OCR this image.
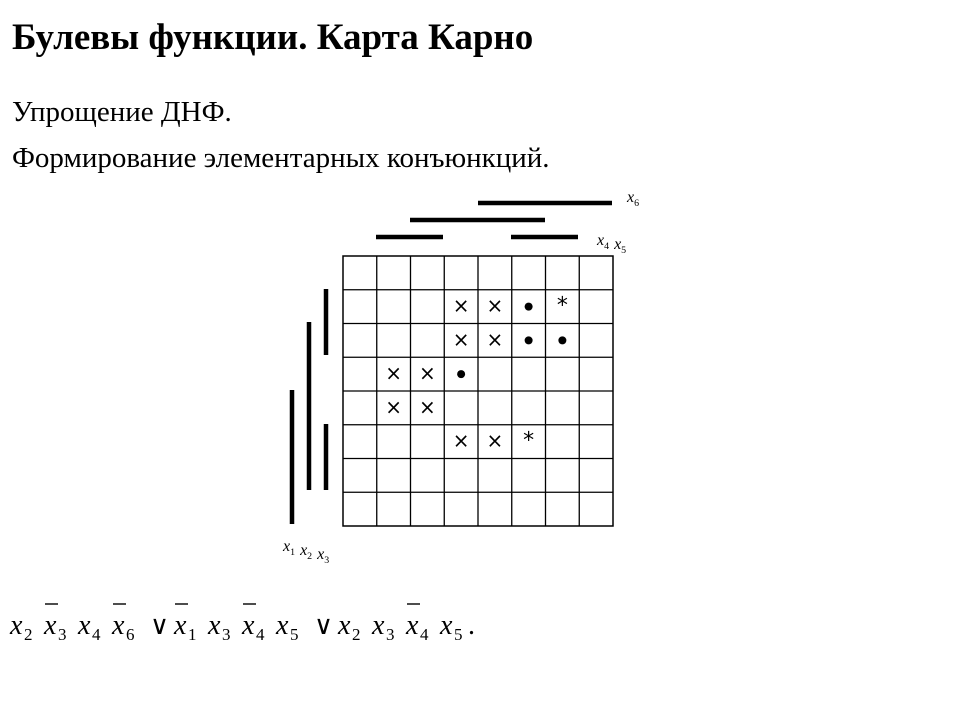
Булевы функции. Карта Карно
Упрощение ДНФ.
Формирование элементарных конъюнкций.
$x_6$
$x_4$ $x_5$
$x_1$ $x_2$ $x_3$
× × *
× ×
× ×
× ×
× × *
x 2 x 3 x 4 x 6 ∨ x 1 x 3 x 4 x 5 ∨ x 2 x 3 x 4 x 5 .
